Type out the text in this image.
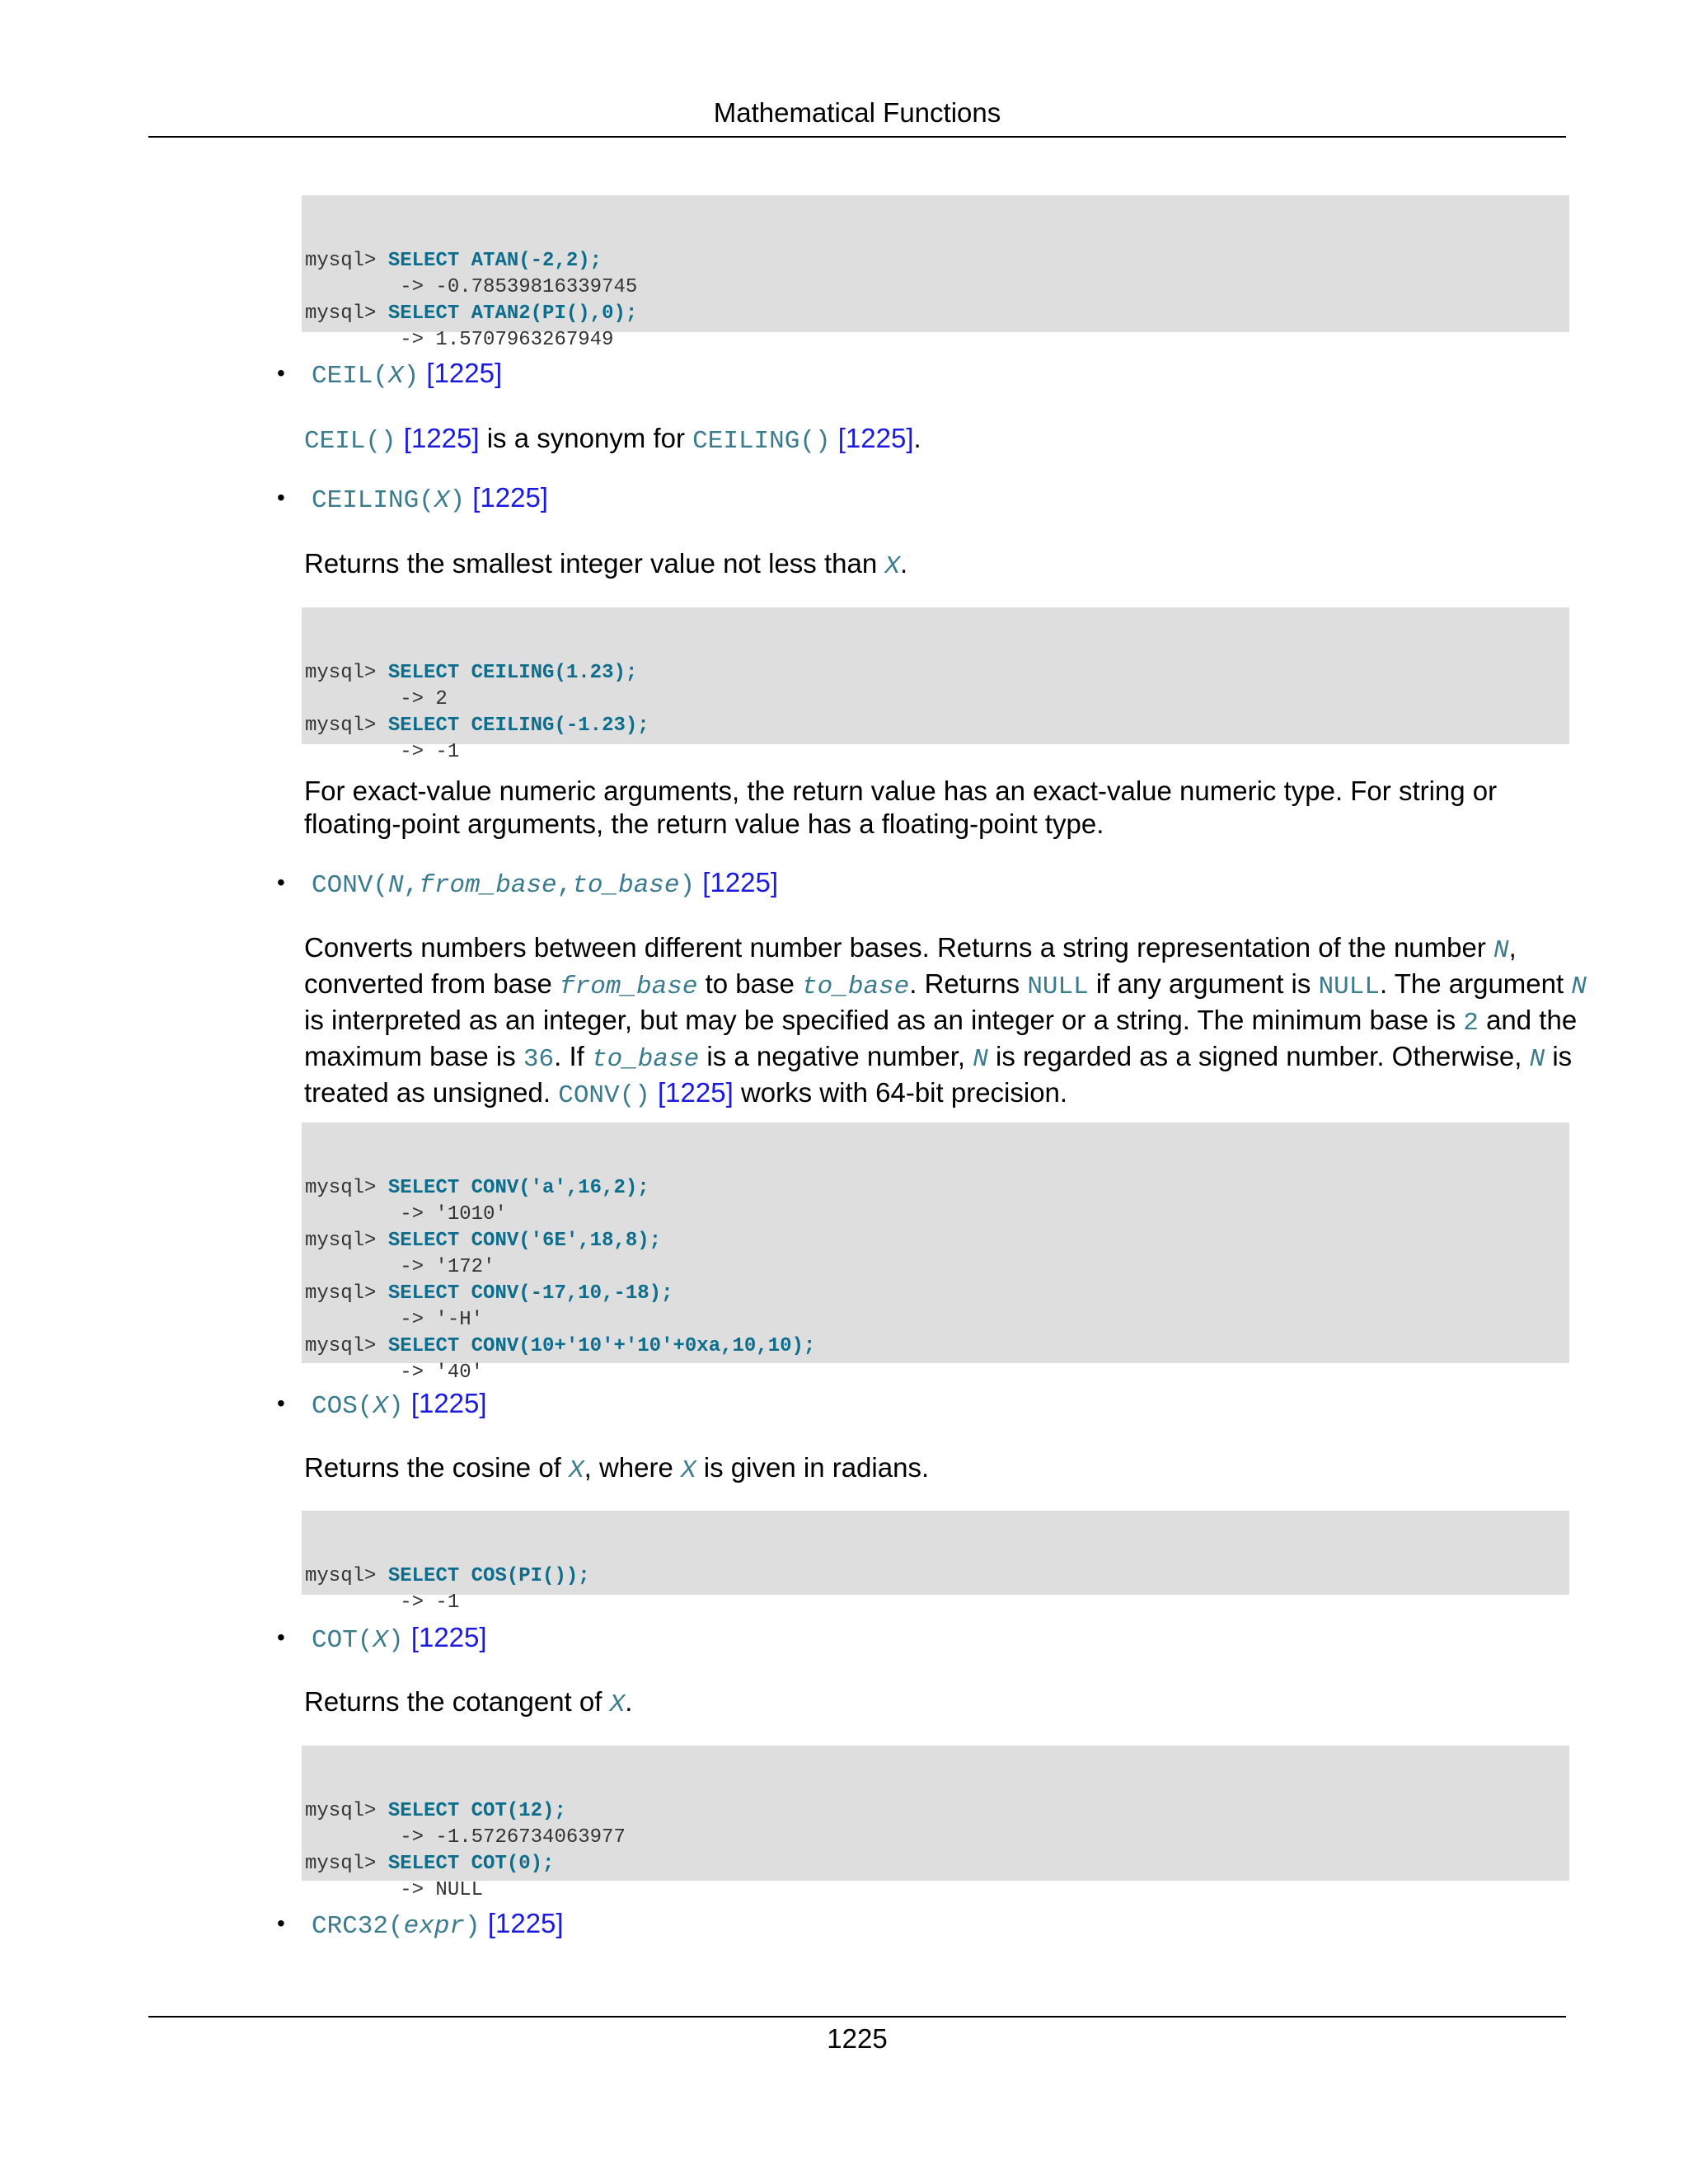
Mathematical Functions

mysql> SELECT ATAN(-2,2);
-> -0.78539816339745
mysql> SELECT ATAN2(PI(),0);
-> 1.5707963267949
• CEIL(X) [1225]
CEIL() [1225] is a synonym for CEILING() [1225].
• CEILING(X) [1225]
Returns the smallest integer value not less than X.

mysql> SELECT CEILING(1.23);
-> 2
mysql> SELECT CEILING(-1.23);
-> -1
For exact-value numeric arguments, the return value has an exact-value numeric type. For string or floating-point arguments, the return value has a floating-point type.
• CONV(N,from_base,to_base) [1225]
Converts numbers between different number bases. Returns a string representation of the number N, converted from base from_base to base to_base. Returns NULL if any argument is NULL. The argument N is interpreted as an integer, but may be specified as an integer or a string. The minimum base is 2 and the maximum base is 36. If to_base is a negative number, N is regarded as a signed number. Otherwise, N is treated as unsigned. CONV() [1225] works with 64-bit precision.

mysql> SELECT CONV('a',16,2);
-> '1010'
mysql> SELECT CONV('6E',18,8);
-> '172'
mysql> SELECT CONV(-17,10,-18);
-> '-H'
mysql> SELECT CONV(10+'10'+'10'+0xa,10,10);
-> '40'
• COS(X) [1225]
Returns the cosine of X, where X is given in radians.

mysql> SELECT COS(PI());
-> -1
• COT(X) [1225]
Returns the cotangent of X.

mysql> SELECT COT(12);
-> -1.5726734063977
mysql> SELECT COT(0);
-> NULL
• CRC32(expr) [1225]
1225
